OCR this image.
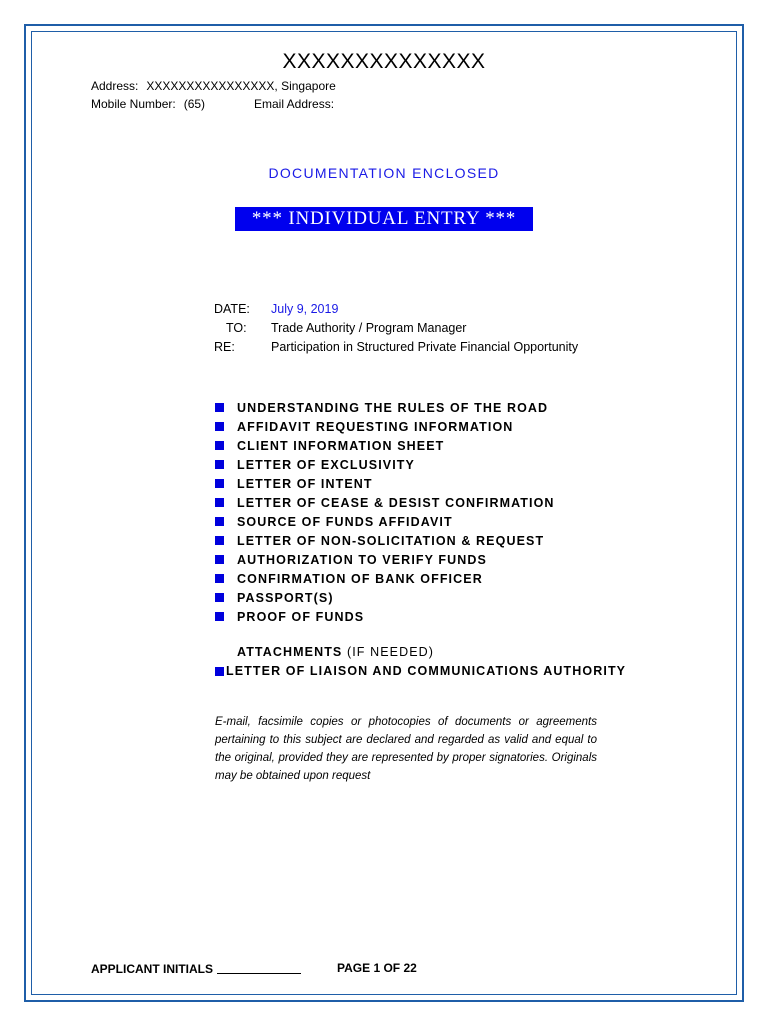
XXXXXXXXXXXXXX
Address: XXXXXXXXXXXXXXXX, Singapore
Mobile Number: (65)	Email Address:
DOCUMENTATION ENCLOSED
*** INDIVIDUAL ENTRY ***
DATE: July 9, 2019
TO: Trade Authority / Program Manager
RE:	Participation in Structured Private Financial Opportunity
UNDERSTANDING THE RULES OF THE ROAD
AFFIDAVIT REQUESTING INFORMATION
CLIENT INFORMATION SHEET
LETTER OF EXCLUSIVITY
LETTER OF INTENT
LETTER OF CEASE & DESIST CONFIRMATION
SOURCE OF FUNDS AFFIDAVIT
LETTER OF NON-SOLICITATION & REQUEST
AUTHORIZATION TO VERIFY FUNDS
CONFIRMATION OF BANK OFFICER
PASSPORT(S)
PROOF OF FUNDS
ATTACHMENTS (IF NEEDED)
LETTER OF LIAISON AND COMMUNICATIONS AUTHORITY
E-mail, facsimile copies or photocopies of documents or agreements pertaining to this subject are declared and regarded as valid and equal to the original, provided they are represented by proper signatories. Originals may be obtained upon request
APPLICANT INITIALS	PAGE 1 OF 22
